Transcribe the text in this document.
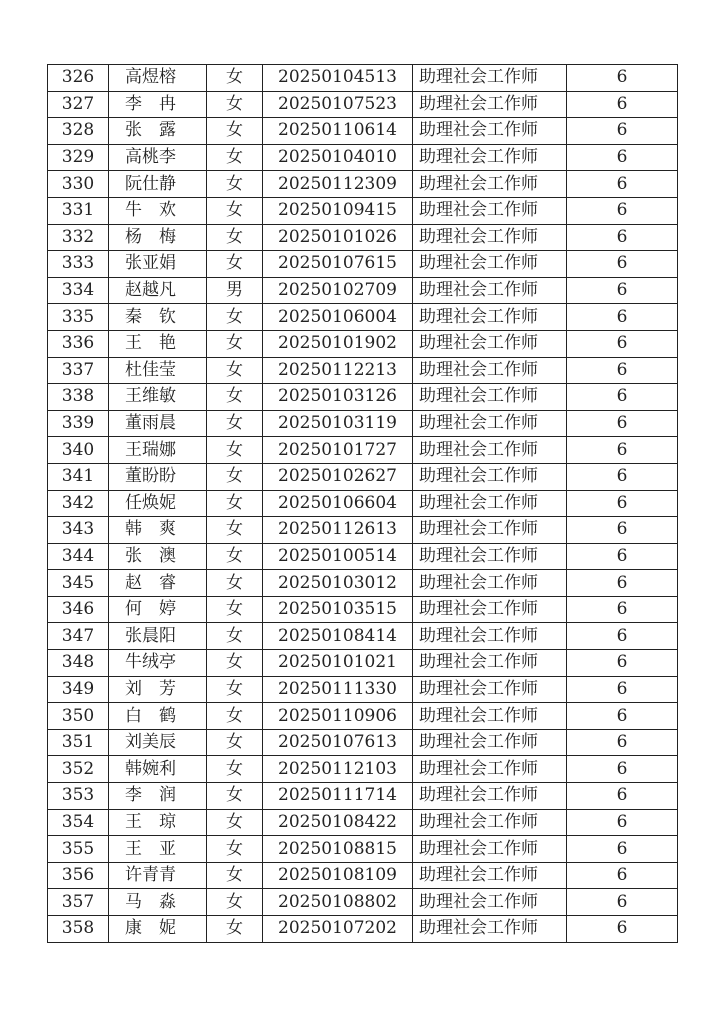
326	高煜榕	女	20250104513	助理社会工作师	6
327	李　冉	女	20250107523	助理社会工作师	6
328	张　露	女	20250110614	助理社会工作师	6
329	高桃李	女	20250104010	助理社会工作师	6
330	阮仕静	女	20250112309	助理社会工作师	6
331	牛　欢	女	20250109415	助理社会工作师	6
332	杨　梅	女	20250101026	助理社会工作师	6
333	张亚娟	女	20250107615	助理社会工作师	6
334	赵越凡	男	20250102709	助理社会工作师	6
335	秦　钦	女	20250106004	助理社会工作师	6
336	王　艳	女	20250101902	助理社会工作师	6
337	杜佳莹	女	20250112213	助理社会工作师	6
338	王维敏	女	20250103126	助理社会工作师	6
339	董雨晨	女	20250103119	助理社会工作师	6
340	王瑞娜	女	20250101727	助理社会工作师	6
341	董盼盼	女	20250102627	助理社会工作师	6
342	任焕妮	女	20250106604	助理社会工作师	6
343	韩　爽	女	20250112613	助理社会工作师	6
344	张　澳	女	20250100514	助理社会工作师	6
345	赵　睿	女	20250103012	助理社会工作师	6
346	何　婷	女	20250103515	助理社会工作师	6
347	张晨阳	女	20250108414	助理社会工作师	6
348	牛绒亭	女	20250101021	助理社会工作师	6
349	刘　芳	女	20250111330	助理社会工作师	6
350	白　鹤	女	20250110906	助理社会工作师	6
351	刘美辰	女	20250107613	助理社会工作师	6
352	韩婉利	女	20250112103	助理社会工作师	6
353	李　润	女	20250111714	助理社会工作师	6
354	王　琼	女	20250108422	助理社会工作师	6
355	王　亚	女	20250108815	助理社会工作师	6
356	许青青	女	20250108109	助理社会工作师	6
357	马　淼	女	20250108802	助理社会工作师	6
358	康　妮	女	20250107202	助理社会工作师	6
